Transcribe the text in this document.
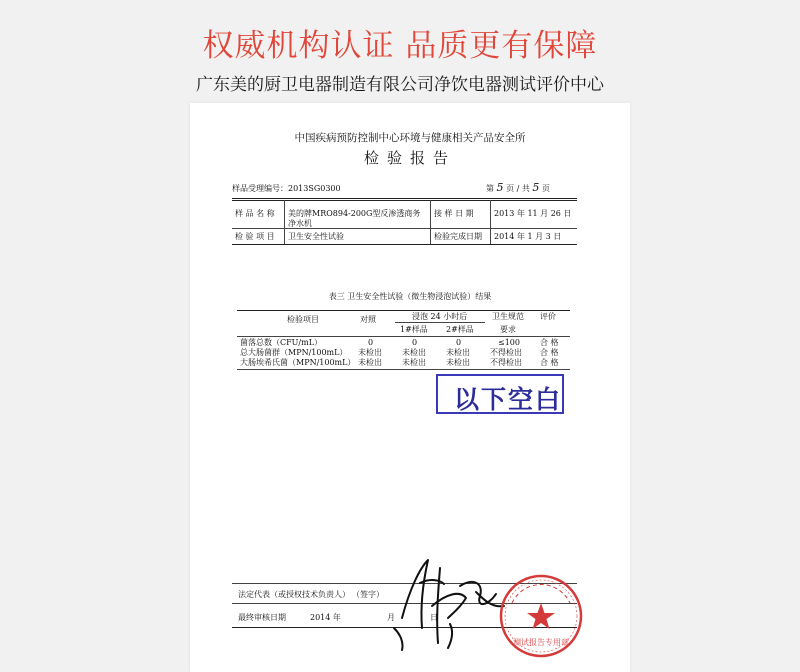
权威机构认证 品质更有保障
广东美的厨卫电器制造有限公司净饮电器测试评价中心
中国疾病预防控制中心环境与健康相关产品安全所
检验报告
样品受理编号：2013SG0300	第 5 页 / 共 5 页
样 品 名 称 美的牌MRO894-200G型反渗透商务
净水机
接 样 日 期	2013 年 11 月 26 日
检 验 项 目 卫生安全性试验	检验完成日期 2014 年 1 月 3 日
表三 卫生安全性试验（微生物浸泡试验）结果
检验项目	对照	浸泡 24 小时后
1#样品 2#样品
卫生规范
要求
评价
菌落总数（CFU/mL）	0	0	0	≤100	合 格
总大肠菌群（MPN/100mL） 未检出	未检出	未检出	不得检出 合 格
大肠埃希氏菌（MPN/100mL） 未检出	未检出	未检出	不得检出 合 格
以下空白
法定代表（或授权技术负责人） （签字）
最终审核日期	2014 年	月	日
测试报告专用章
